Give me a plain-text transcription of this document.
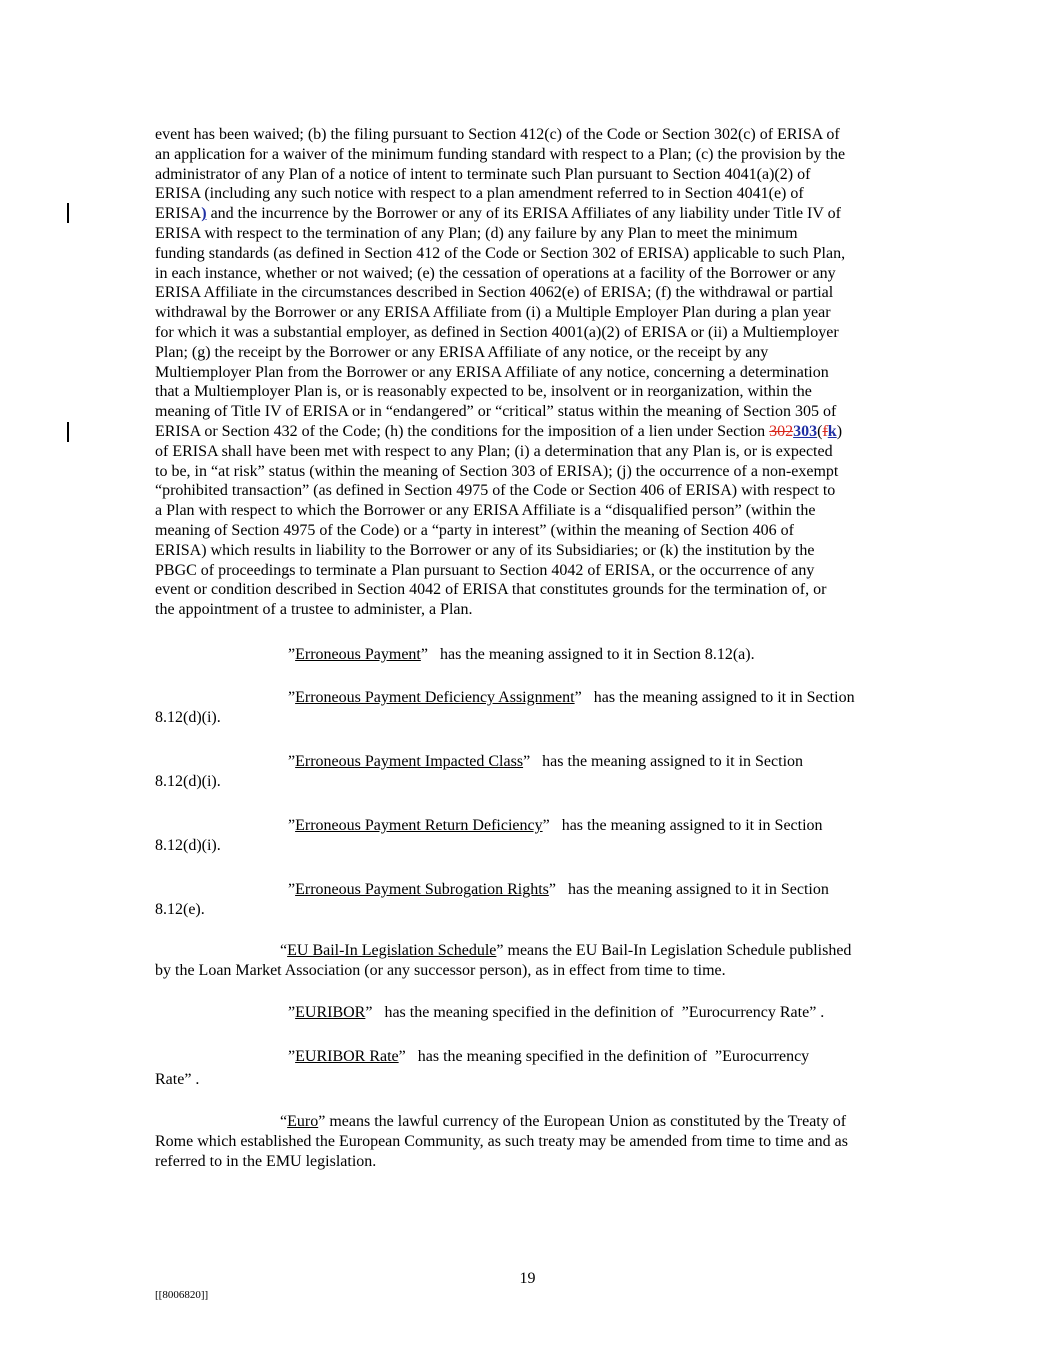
event has been waived; (b) the filing pursuant to Section 412(c) of the Code or Section 302(c) of ERISA of
an application for a waiver of the minimum funding standard with respect to a Plan; (c) the provision by the
administrator of any Plan of a notice of intent to terminate such Plan pursuant to Section 4041(a)(2) of
ERISA (including any such notice with respect to a plan amendment referred to in Section 4041(e) of
ERISA) and the incurrence by the Borrower or any of its ERISA Affiliates of any liability under Title IV of
ERISA with respect to the termination of any Plan; (d) any failure by any Plan to meet the minimum
funding standards (as defined in Section 412 of the Code or Section 302 of ERISA) applicable to such Plan,
in each instance, whether or not waived; (e) the cessation of operations at a facility of the Borrower or any
ERISA Affiliate in the circumstances described in Section 4062(e) of ERISA; (f) the withdrawal or partial
withdrawal by the Borrower or any ERISA Affiliate from (i) a Multiple Employer Plan during a plan year
for which it was a substantial employer, as defined in Section 4001(a)(2) of ERISA or (ii) a Multiemployer
Plan; (g) the receipt by the Borrower or any ERISA Affiliate of any notice, or the receipt by any
Multiemployer Plan from the Borrower or any ERISA Affiliate of any notice, concerning a determination
that a Multiemployer Plan is, or is reasonably expected to be, insolvent or in reorganization, within the
meaning of Title IV of ERISA or in “endangered” or “critical” status within the meaning of Section 305 of
ERISA or Section 432 of the Code; (h) the conditions for the imposition of a lien under Section 302303(fk)
of ERISA shall have been met with respect to any Plan; (i) a determination that any Plan is, or is expected
to be, in “at risk” status (within the meaning of Section 303 of ERISA); (j) the occurrence of a non-exempt
“prohibited transaction” (as defined in Section 4975 of the Code or Section 406 of ERISA) with respect to
a Plan with respect to which the Borrower or any ERISA Affiliate is a “disqualified person” (within the
meaning of Section 4975 of the Code) or a “party in interest” (within the meaning of Section 406 of
ERISA) which results in liability to the Borrower or any of its Subsidiaries; or (k) the institution by the
PBGC of proceedings to terminate a Plan pursuant to Section 4042 of ERISA, or the occurrence of any
event or condition described in Section 4042 of ERISA that constitutes grounds for the termination of, or
the appointment of a trustee to administer, a Plan.

”Erroneous Payment”   has the meaning assigned to it in Section 8.12(a).

”Erroneous Payment Deficiency Assignment”   has the meaning assigned to it in Section
8.12(d)(i).

”Erroneous Payment Impacted Class”   has the meaning assigned to it in Section
8.12(d)(i).

”Erroneous Payment Return Deficiency”   has the meaning assigned to it in Section
8.12(d)(i).

”Erroneous Payment Subrogation Rights”   has the meaning assigned to it in Section
8.12(e).

“EU Bail-In Legislation Schedule” means the EU Bail-In Legislation Schedule published
by the Loan Market Association (or any successor person), as in effect from time to time.

”EURIBOR”   has the meaning specified in the definition of  ”Eurocurrency Rate” .

”EURIBOR Rate”   has the meaning specified in the definition of  ”Eurocurrency
Rate” .

“Euro” means the lawful currency of the European Union as constituted by the Treaty of
Rome which established the European Community, as such treaty may be amended from time to time and as
referred to in the EMU legislation.

19
[[8006820]]
